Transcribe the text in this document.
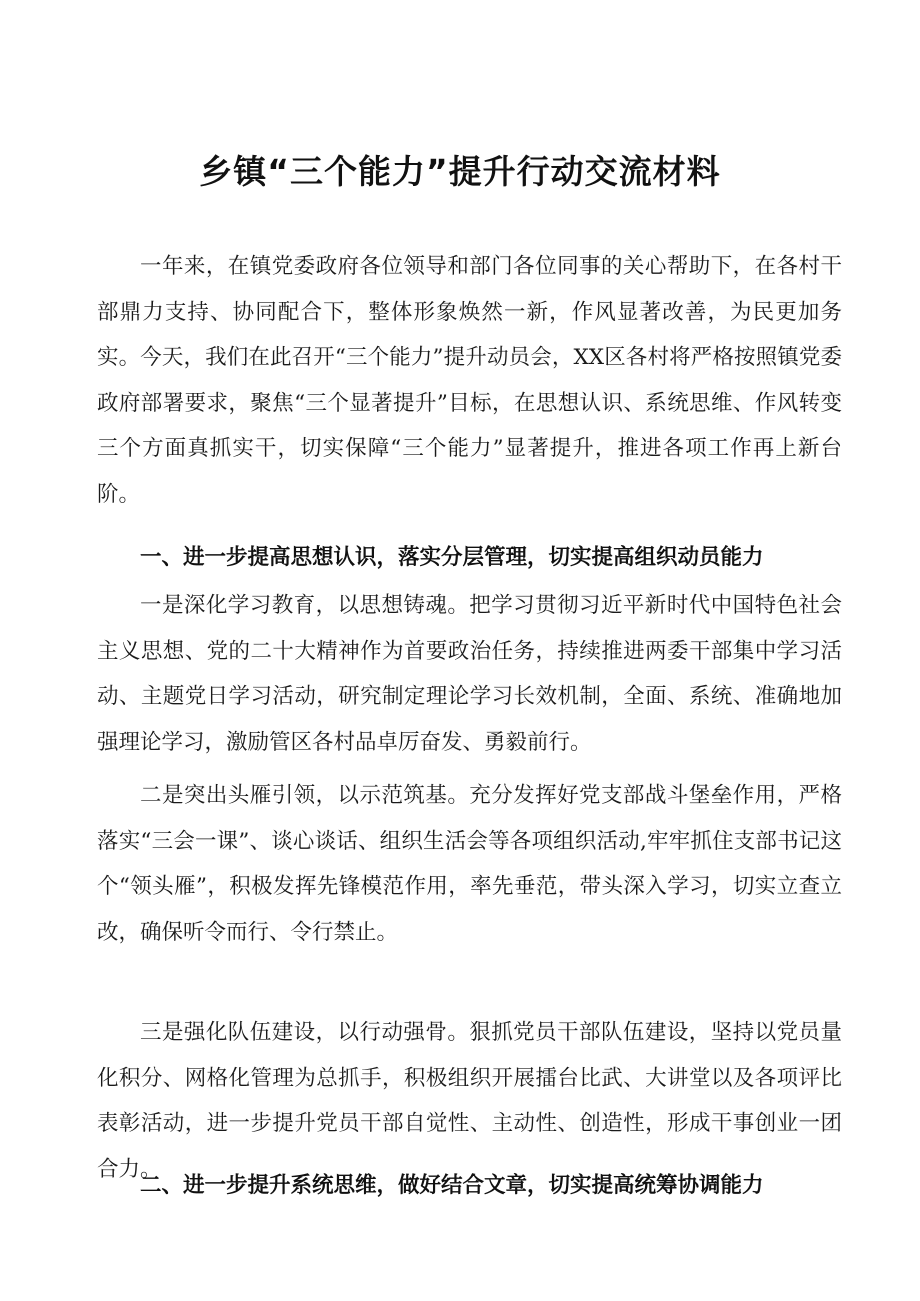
乡镇“三个能力”提升行动交流材料

一年来，在镇党委政府各位领导和部门各位同事的关心帮助下，在各村干部鼎力支持、协同配合下，整体形象焕然一新，作风显著改善，为民更加务实。今天，我们在此召开“三个能力”提升动员会，XX区各村将严格按照镇党委政府部署要求，聚焦“三个显著提升”目标，在思想认识、系统思维、作风转变三个方面真抓实干，切实保障“三个能力”显著提升，推进各项工作再上新台阶。

一、进一步提高思想认识，落实分层管理，切实提高组织动员能力

一是深化学习教育，以思想铸魂。把学习贯彻习近平新时代中国特色社会主义思想、党的二十大精神作为首要政治任务，持续推进两委干部集中学习活动、主题党日学习活动，研究制定理论学习长效机制，全面、系统、准确地加强理论学习，激励管区各村品卓厉奋发、勇毅前行。

二是突出头雁引领，以示范筑基。充分发挥好党支部战斗堡垒作用，严格落实“三会一课”、谈心谈话、组织生活会等各项组织活动,牢牢抓住支部书记这个“领头雁”，积极发挥先锋模范作用，率先垂范，带头深入学习，切实立查立改，确保听令而行、令行禁止。

三是强化队伍建设，以行动强骨。狠抓党员干部队伍建设，坚持以党员量化积分、网格化管理为总抓手，积极组织开展擂台比武、大讲堂以及各项评比表彰活动，进一步提升党员干部自觉性、主动性、创造性，形成干事创业一团合力。

二、进一步提升系统思维，做好结合文章，切实提高统筹协调能力
